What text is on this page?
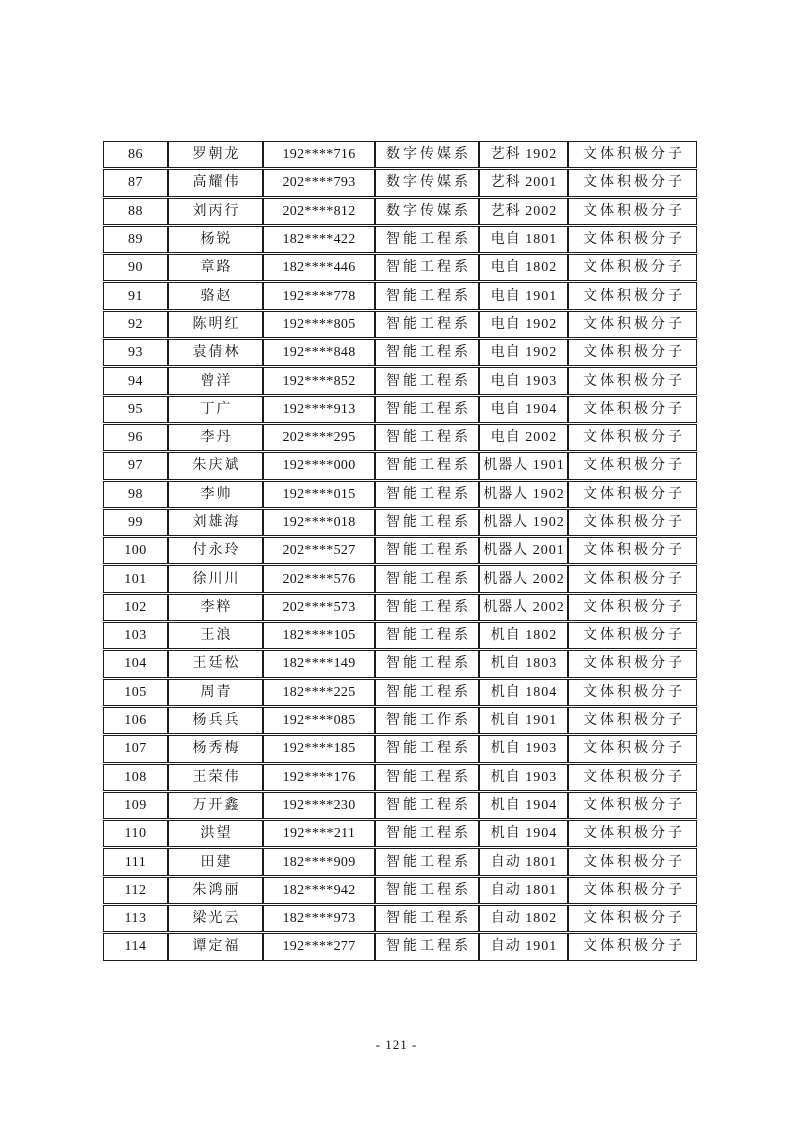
86	罗朝龙	192****716	数字传媒系	艺科 1902	文体积极分子
87	高耀伟	202****793	数字传媒系	艺科 2001	文体积极分子
88	刘丙行	202****812	数字传媒系	艺科 2002	文体积极分子
89	杨锐	182****422	智能工程系	电自 1801	文体积极分子
90	章路	182****446	智能工程系	电自 1802	文体积极分子
91	骆赵	192****778	智能工程系	电自 1901	文体积极分子
92	陈明红	192****805	智能工程系	电自 1902	文体积极分子
93	袁倩林	192****848	智能工程系	电自 1902	文体积极分子
94	曾洋	192****852	智能工程系	电自 1903	文体积极分子
95	丁广	192****913	智能工程系	电自 1904	文体积极分子
96	李丹	202****295	智能工程系	电自 2002	文体积极分子
97	朱庆斌	192****000	智能工程系	机器人 1901	文体积极分子
98	李帅	192****015	智能工程系	机器人 1902	文体积极分子
99	刘雄海	192****018	智能工程系	机器人 1902	文体积极分子
100	付永玲	202****527	智能工程系	机器人 2001	文体积极分子
101	徐川川	202****576	智能工程系	机器人 2002	文体积极分子
102	李粹	202****573	智能工程系	机器人 2002	文体积极分子
103	王浪	182****105	智能工程系	机自 1802	文体积极分子
104	王廷松	182****149	智能工程系	机自 1803	文体积极分子
105	周青	182****225	智能工程系	机自 1804	文体积极分子
106	杨兵兵	192****085	智能工作系	机自 1901	文体积极分子
107	杨秀梅	192****185	智能工程系	机自 1903	文体积极分子
108	王荣伟	192****176	智能工程系	机自 1903	文体积极分子
109	万开鑫	192****230	智能工程系	机自 1904	文体积极分子
110	洪望	192****211	智能工程系	机自 1904	文体积极分子
111	田建	182****909	智能工程系	自动 1801	文体积极分子
112	朱鸿丽	182****942	智能工程系	自动 1801	文体积极分子
113	梁光云	182****973	智能工程系	自动 1802	文体积极分子
114	谭定福	192****277	智能工程系	自动 1901	文体积极分子
- 121 -
